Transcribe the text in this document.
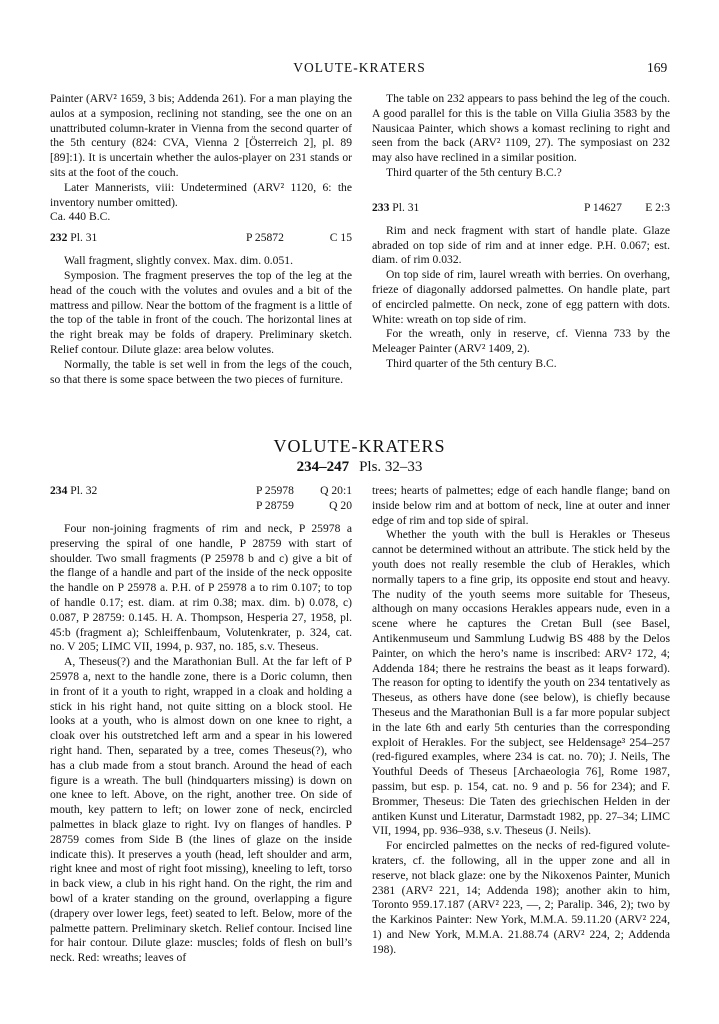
VOLUTE-KRATERS	169

Painter (ARV² 1659, 3 bis; Addenda 261). For a man playing the aulos at a symposion, reclining not standing, see the one on an unattributed column-krater in Vienna from the second quarter of the 5th century (824: CVA, Vienna 2 [Österreich 2], pl. 89 [89]:1). It is uncertain whether the aulos-player on 231 stands or sits at the foot of the couch.

Later Mannerists, viii: Undetermined (ARV² 1120, 6: the inventory number omitted).

Ca. 440 B.C.

232 Pl. 31	P 25872	C 15

Wall fragment, slightly convex. Max. dim. 0.051.

Symposion. The fragment preserves the top of the leg at the head of the couch with the volutes and ovules and a bit of the mattress and pillow. Near the bottom of the fragment is a little of the top of the table in front of the couch. The horizontal lines at the right break may be folds of drapery. Preliminary sketch. Relief contour. Dilute glaze: area below volutes.

Normally, the table is set well in from the legs of the couch, so that there is some space between the two pieces of furniture.

The table on 232 appears to pass behind the leg of the couch. A good parallel for this is the table on Villa Giulia 3583 by the Nausicaa Painter, which shows a komast reclining to right and seen from the back (ARV² 1109, 27). The symposiast on 232 may also have reclined in a similar position.

Third quarter of the 5th century B.C.?

233 Pl. 31	P 14627 E 2:3

Rim and neck fragment with start of handle plate. Glaze abraded on top side of rim and at inner edge. P.H. 0.067; est. diam. of rim 0.032.

On top side of rim, laurel wreath with berries. On overhang, frieze of diagonally addorsed palmettes. On handle plate, part of encircled palmette. On neck, zone of egg pattern with dots. White: wreath on top side of rim.

For the wreath, only in reserve, cf. Vienna 733 by the Meleager Painter (ARV² 1409, 2).

Third quarter of the 5th century B.C.

VOLUTE-KRATERS
234–247 Pls. 32–33
234 Pl. 32	P 25978 Q 20:1
P 28759	Q 20

Four non-joining fragments of rim and neck, P 25978 a preserving the spiral of one handle, P 28759 with start of shoulder. Two small fragments (P 25978 b and c) give a bit of the flange of a handle and part of the inside of the neck opposite the handle on P 25978 a. P.H. of P 25978 a to rim 0.107; to top of handle 0.17; est. diam. at rim 0.38; max. dim. b) 0.078, c) 0.087, P 28759: 0.145. H. A. Thompson, Hesperia 27, 1958, pl. 45:b (fragment a); Schleiffenbaum, Volutenkrater, p. 324, cat. no. V 205; LIMC VII, 1994, p. 937, no. 185, s.v. Theseus.

A, Theseus(?) and the Marathonian Bull. At the far left of P 25978 a, next to the handle zone, there is a Doric column, then in front of it a youth to right, wrapped in a cloak and holding a stick in his right hand, not quite sitting on a block stool. He looks at a youth, who is almost down on one knee to right, a cloak over his outstretched left arm and a spear in his lowered right hand. Then, separated by a tree, comes Theseus(?), who has a club made from a stout branch. Around the head of each figure is a wreath. The bull (hindquarters missing) is down on one knee to left. Above, on the right, another tree. On side of mouth, key pattern to left; on lower zone of neck, encircled palmettes in black glaze to right. Ivy on flanges of handles. P 28759 comes from Side B (the lines of glaze on the inside indicate this). It preserves a youth (head, left shoulder and arm, right knee and most of right foot missing), kneeling to left, torso in back view, a club in his right hand. On the right, the rim and bowl of a krater standing on the ground, overlapping a figure (drapery over lower legs, feet) seated to left. Below, more of the palmette pattern. Preliminary sketch. Relief contour. Incised line for hair contour. Dilute glaze: muscles; folds of flesh on bull’s neck. Red: wreaths; leaves of

trees; hearts of palmettes; edge of each handle flange; band on inside below rim and at bottom of neck, line at outer and inner edge of rim and top side of spiral.

Whether the youth with the bull is Herakles or Theseus cannot be determined without an attribute. The stick held by the youth does not really resemble the club of Herakles, which normally tapers to a fine grip, its opposite end stout and heavy. The nudity of the youth seems more suitable for Theseus, although on many occasions Herakles appears nude, even in a scene where he captures the Cretan Bull (see Basel, Antikenmuseum und Sammlung Ludwig BS 488 by the Delos Painter, on which the hero’s name is inscribed: ARV² 172, 4; Addenda 184; there he restrains the beast as it leaps forward). The reason for opting to identify the youth on 234 tentatively as Theseus, as others have done (see below), is chiefly because Theseus and the Marathonian Bull is a far more popular subject in the late 6th and early 5th centuries than the corresponding exploit of Herakles. For the subject, see Heldensage³ 254–257 (red-figured examples, where 234 is cat. no. 70); J. Neils, The Youthful Deeds of Theseus [Archaeologia 76], Rome 1987, passim, but esp. p. 154, cat. no. 9 and p. 56 for 234); and F. Brommer, Theseus: Die Taten des griechischen Helden in der antiken Kunst und Literatur, Darmstadt 1982, pp. 27–34; LIMC VII, 1994, pp. 936–938, s.v. Theseus (J. Neils).

For encircled palmettes on the necks of red-figured volute-kraters, cf. the following, all in the upper zone and all in reserve, not black glaze: one by the Nikoxenos Painter, Munich 2381 (ARV² 221, 14; Addenda 198); another akin to him, Toronto 959.17.187 (ARV² 223, —, 2; Paralip. 346, 2); two by the Karkinos Painter: New York, M.M.A. 59.11.20 (ARV² 224, 1) and New York, M.M.A. 21.88.74 (ARV² 224, 2; Addenda 198).
